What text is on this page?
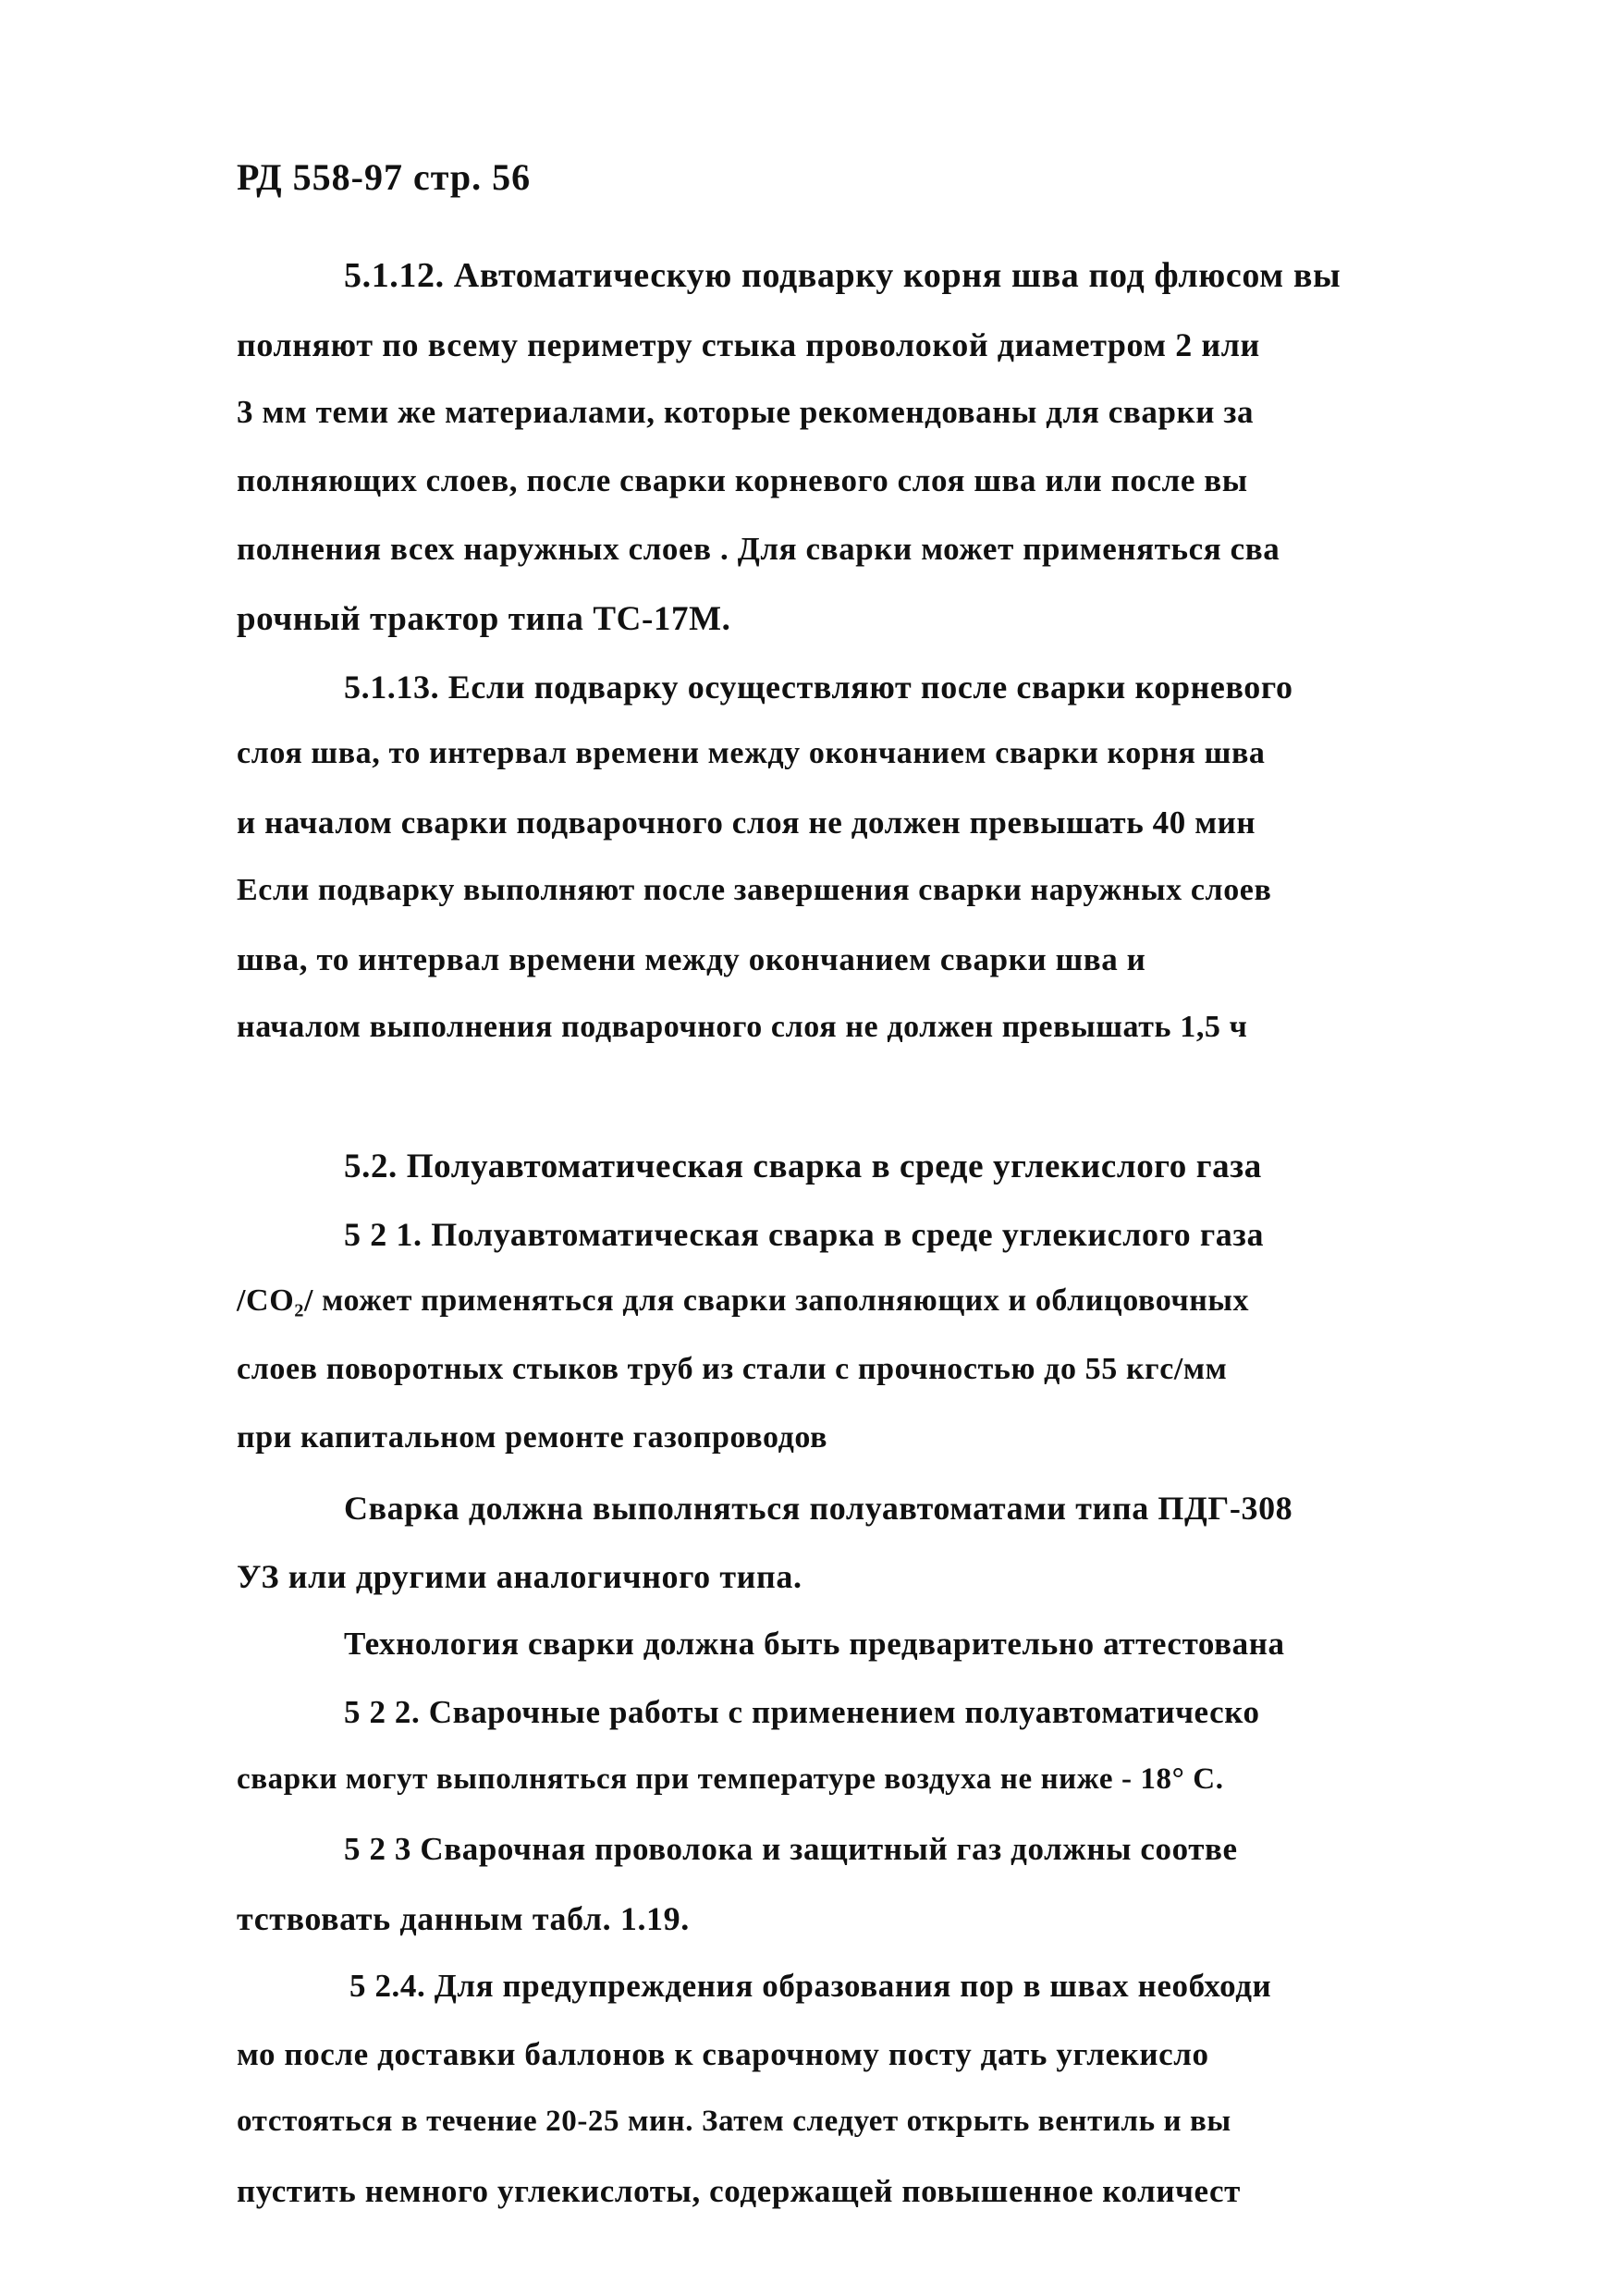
РД 558-97 стр. 56
5.1.12. Автоматическую подварку корня шва под флюсом вы
полняют по всему периметру стыка проволокой диаметром 2 или
3 мм теми же материалами, которые рекомендованы для сварки за
полняющих слоев, после сварки корневого слоя шва или после вы
полнения всех наружных слоев . Для сварки может применяться сва
рочный трактор типа ТС-17М.
5.1.13. Если подварку осуществляют после сварки корневого
слоя шва, то интервал времени между окончанием сварки корня шва
и началом сварки подварочного слоя не должен превышать 40 мин
Если подварку выполняют после завершения сварки наружных слоев
шва, то интервал времени между окончанием сварки шва и
началом выполнения подварочного слоя не должен превышать 1,5 ч
5.2. Полуавтоматическая сварка в среде углекислого газа
5 2 1. Полуавтоматическая сварка в среде углекислого газа
/СО₂/ может применяться для сварки заполняющих и облицовочных
слоев поворотных стыков труб из стали с прочностью до 55 кгс/мм
при капитальном ремонте газопроводов
Сварка должна выполняться полуавтоматами типа ПДГ-308
УЗ или другими аналогичного типа.
Технология сварки должна быть предварительно аттестована
5 2 2. Сварочные работы с применением полуавтоматическо
сварки могут выполняться при температуре воздуха не ниже - 18° С.
5 2 3 Сварочная проволока и защитный газ должны соотве
тствовать данным табл. 1.19.
5 2.4. Для предупреждения образования пор в швах необходи
мо после доставки баллонов к сварочному посту дать углекисло
отстояться в течение 20-25 мин. Затем следует открыть вентиль и вы
пустить немного углекислоты, содержащей повышенное количест
